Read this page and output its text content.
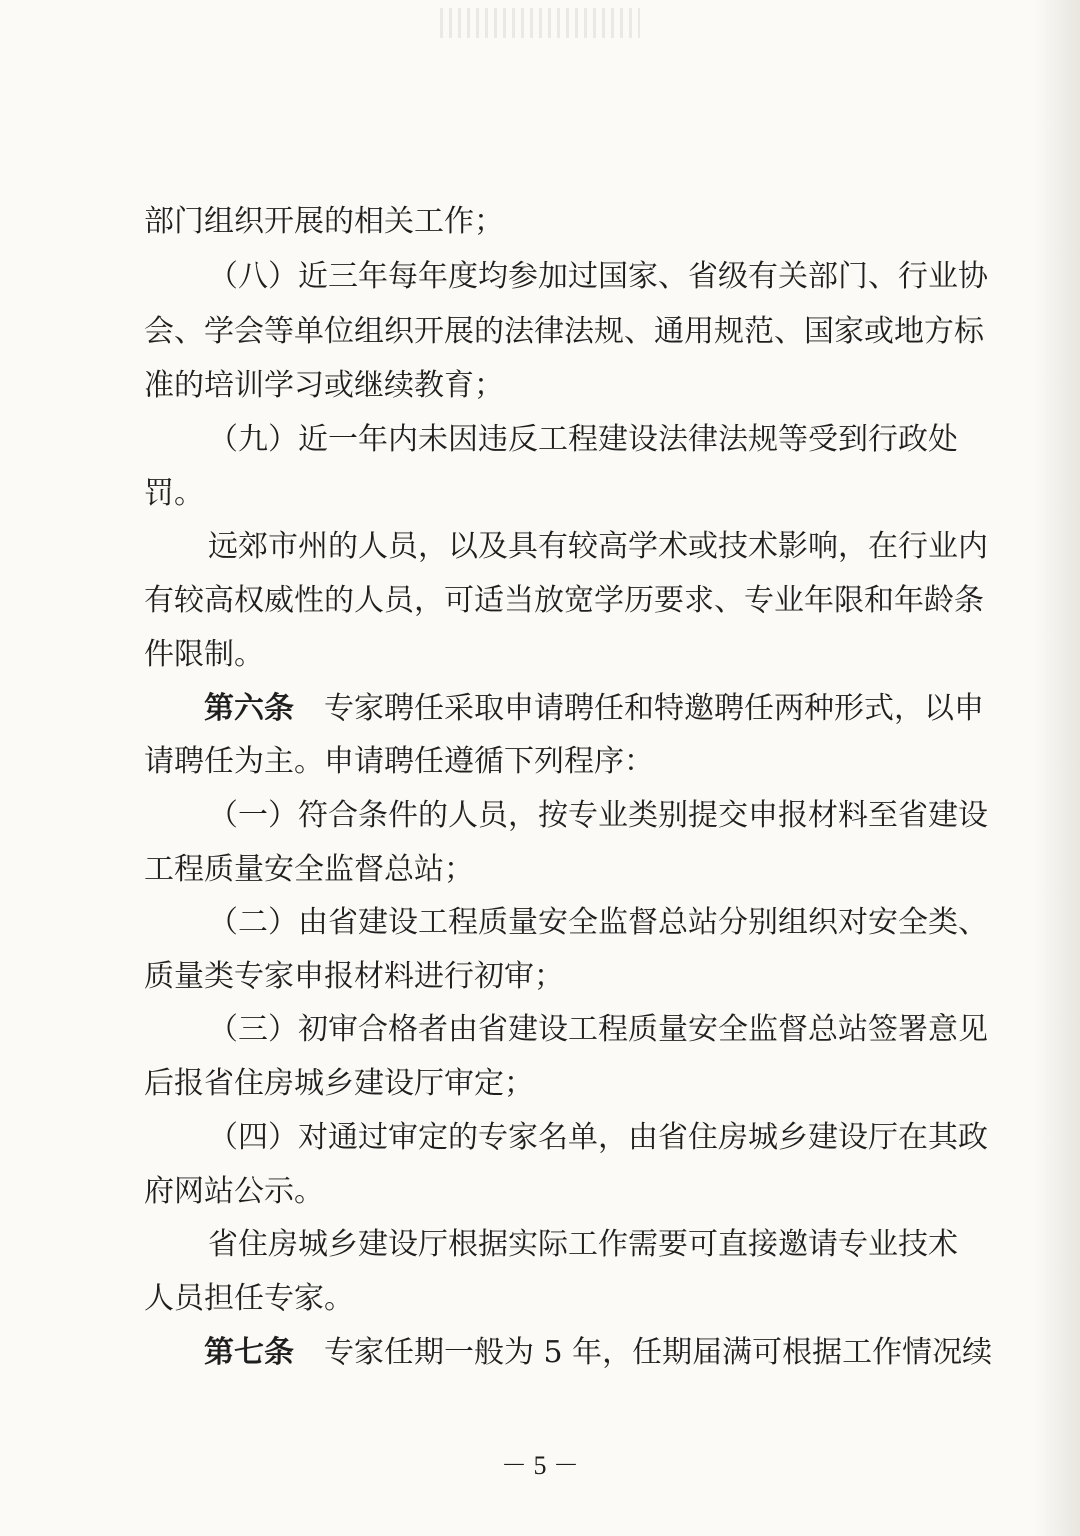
部门组织开展的相关工作；
（八）近三年每年度均参加过国家、省级有关部门、行业协
会、学会等单位组织开展的法律法规、通用规范、国家或地方标
准的培训学习或继续教育；
（九）近一年内未因违反工程建设法律法规等受到行政处
罚。
远郊市州的人员，以及具有较高学术或技术影响，在行业内
有较高权威性的人员，可适当放宽学历要求、专业年限和年龄条
件限制。
第六条 专家聘任采取申请聘任和特邀聘任两种形式，以申
请聘任为主。申请聘任遵循下列程序：
（一）符合条件的人员，按专业类别提交申报材料至省建设
工程质量安全监督总站；
（二）由省建设工程质量安全监督总站分别组织对安全类、
质量类专家申报材料进行初审；
（三）初审合格者由省建设工程质量安全监督总站签署意见
后报省住房城乡建设厅审定；
（四）对通过审定的专家名单，由省住房城乡建设厅在其政
府网站公示。
省住房城乡建设厅根据实际工作需要可直接邀请专业技术
人员担任专家。
第七条 专家任期一般为 5 年，任期届满可根据工作情况续
－ 5 －
